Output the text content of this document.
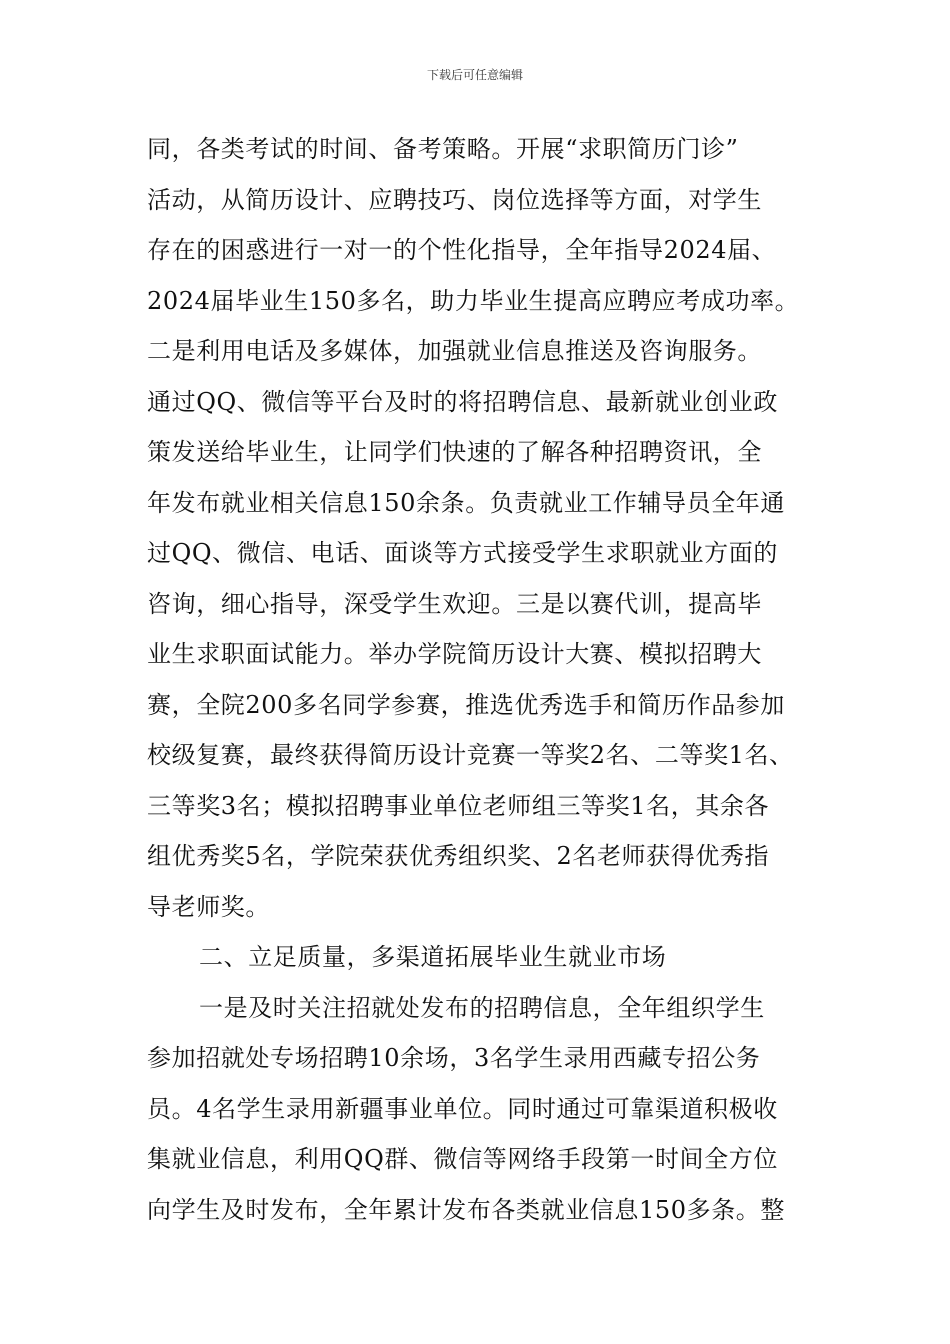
下载后可任意编辑
同，各类考试的时间、备考策略。开展“求职简历门诊”
活动，从简历设计、应聘技巧、岗位选择等方面，对学生
存在的困惑进行一对一的个性化指导，全年指导2024届、
2024届毕业生150多名，助力毕业生提高应聘应考成功率。
二是利用电话及多媒体，加强就业信息推送及咨询服务。
通过QQ、微信等平台及时的将招聘信息、最新就业创业政
策发送给毕业生，让同学们快速的了解各种招聘资讯，全
年发布就业相关信息150余条。负责就业工作辅导员全年通
过QQ、微信、电话、面谈等方式接受学生求职就业方面的
咨询，细心指导，深受学生欢迎。三是以赛代训，提高毕
业生求职面试能力。举办学院简历设计大赛、模拟招聘大
赛，全院200多名同学参赛，推选优秀选手和简历作品参加
校级复赛，最终获得简历设计竞赛一等奖2名、二等奖1名、
三等奖3名；模拟招聘事业单位老师组三等奖1名，其余各
组优秀奖5名，学院荣获优秀组织奖、2名老师获得优秀指
导老师奖。
二、立足质量，多渠道拓展毕业生就业市场
一是及时关注招就处发布的招聘信息，全年组织学生
参加招就处专场招聘10余场，3名学生录用西藏专招公务
员。4名学生录用新疆事业单位。同时通过可靠渠道积极收
集就业信息，利用QQ群、微信等网络手段第一时间全方位
向学生及时发布，全年累计发布各类就业信息150多条。整
